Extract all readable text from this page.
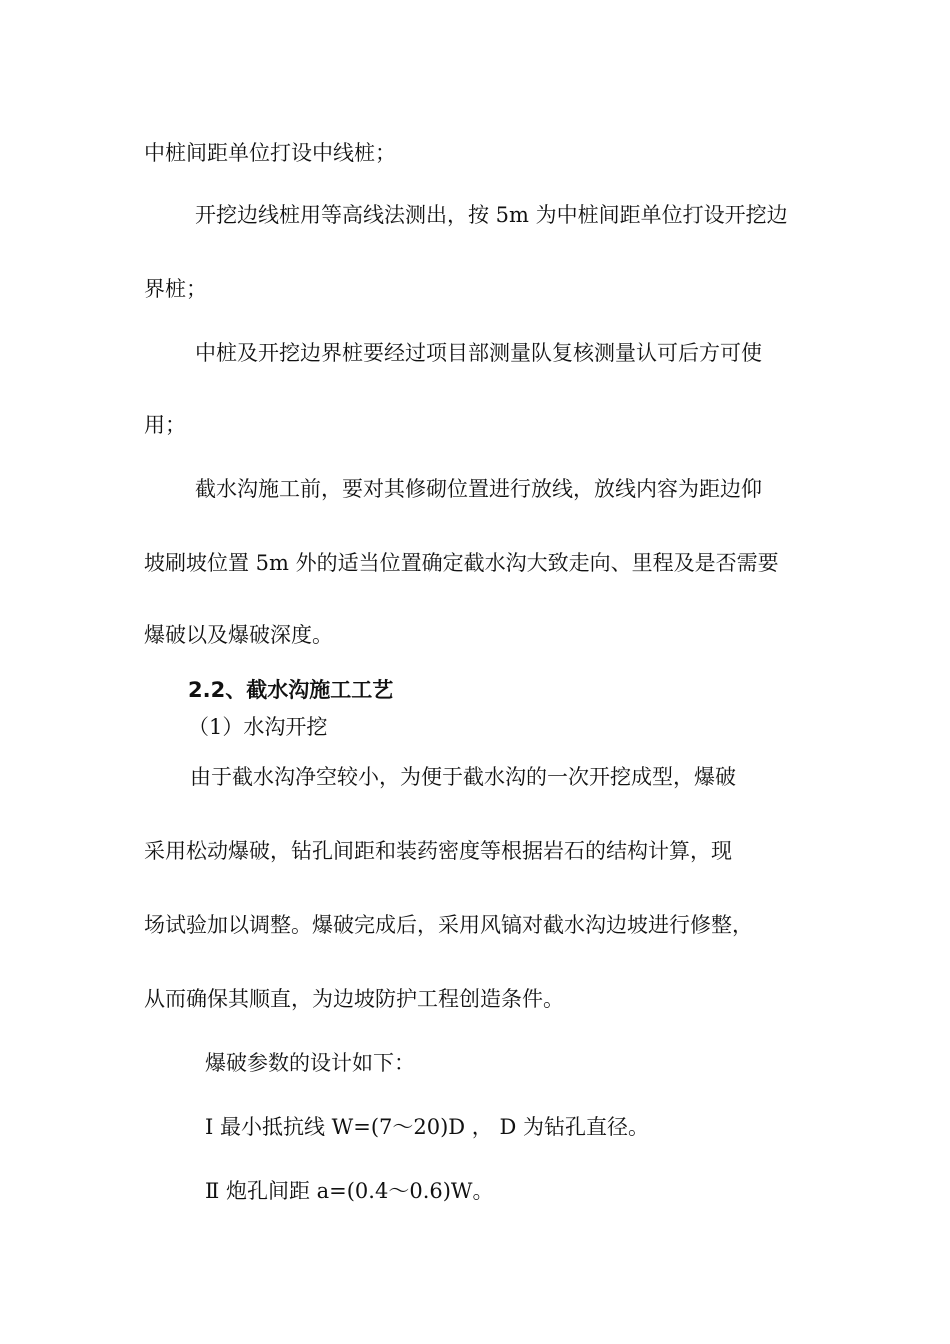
中桩间距单位打设中线桩；
开挖边线桩用等高线法测出，按 5m 为中桩间距单位打设开挖边
界桩；
中桩及开挖边界桩要经过项目部测量队复核测量认可后方可使
用；
截水沟施工前，要对其修砌位置进行放线，放线内容为距边仰
坡刷坡位置 5m 外的适当位置确定截水沟大致走向、里程及是否需要
爆破以及爆破深度。
2.2、截水沟施工工艺
（1）水沟开挖
由于截水沟净空较小，为便于截水沟的一次开挖成型，爆破
采用松动爆破，钻孔间距和装药密度等根据岩石的结构计算，现
场试验加以调整。爆破完成后，采用风镐对截水沟边坡进行修整，
从而确保其顺直，为边坡防护工程创造条件。
爆破参数的设计如下：
Ⅰ 最小抵抗线 W=(7～20)D ， D 为钻孔直径。
Ⅱ 炮孔间距 a=(0.4～0.6)W。
